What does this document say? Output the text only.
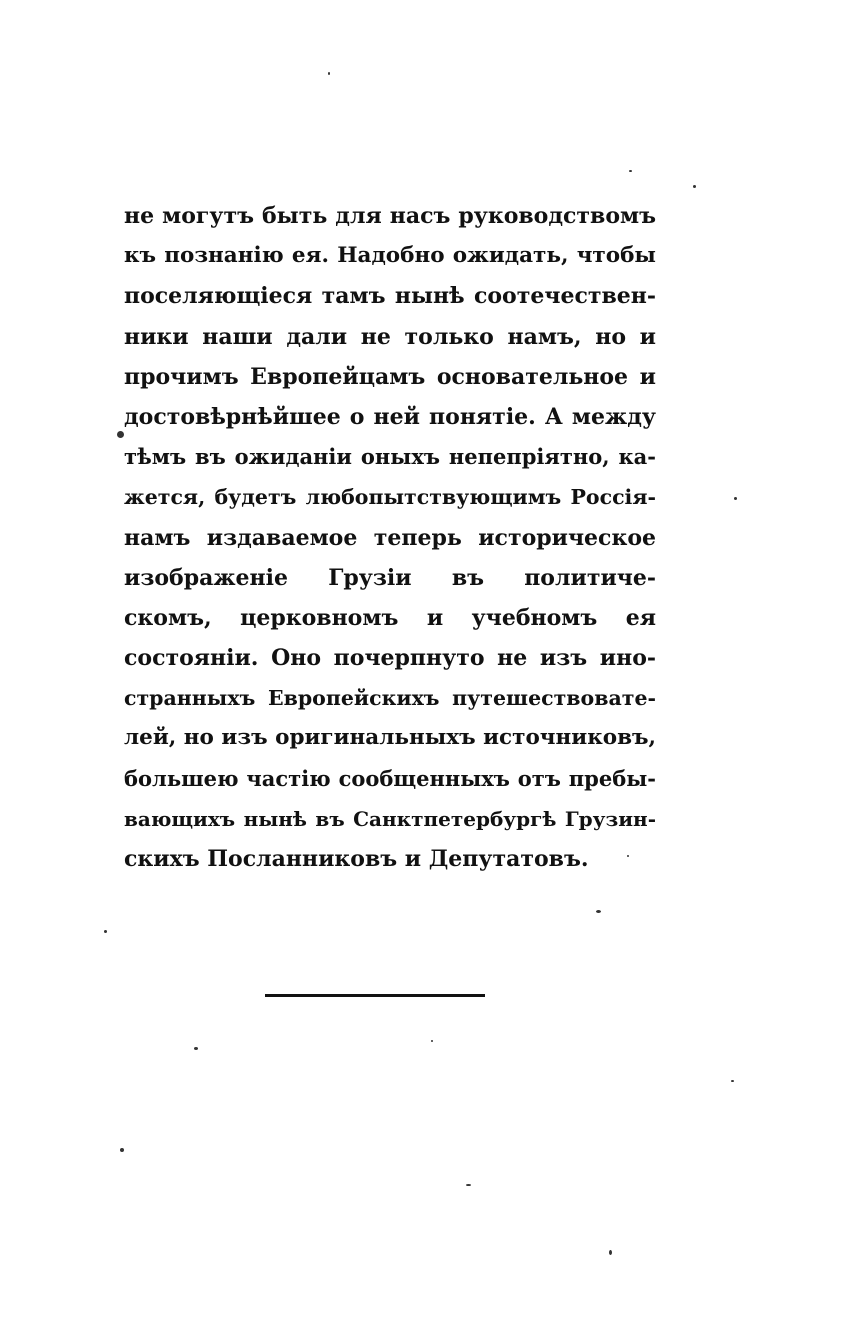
не могутъ быть для насъ руководствомъ
къ познанію ея. Надобно ожидать, чтобы
поселяющіеся тамъ нынѣ соотечествен-
ники наши дали не только намъ, но и
прочимъ Европейцамъ основательное и
достовѣрнѣйшее о ней понятіе. А между
тѣмъ въ ожиданіи оныхъ непепріятно, ка-
жется, будетъ любопытствующимъ Россія-
намъ издаваемое теперь историческое
изображеніе Грузіи въ политиче-
скомъ, церковномъ и учебномъ ея
состояніи. Оно почерпнуто не изъ ино-
странныхъ Европейскихъ путешествовате-
лей, но изъ оригинальныхъ источниковъ,
большею частію сообщенныхъ отъ пребы-
вающихъ нынѣ въ Санктпетербургѣ Грузин-
скихъ Посланниковъ и Депутатовъ.
